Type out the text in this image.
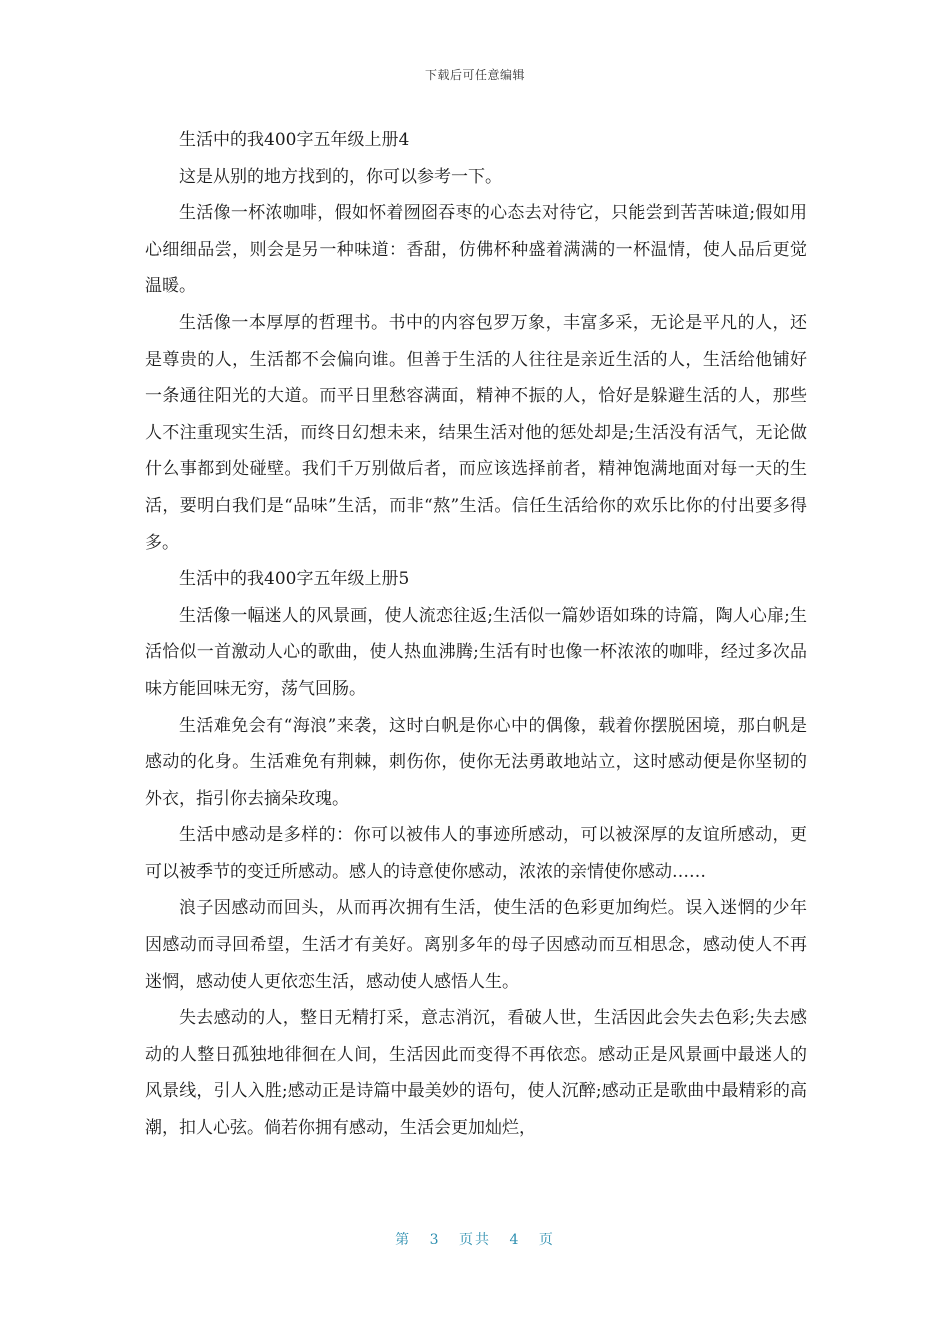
下载后可任意编辑

生活中的我400字五年级上册4

这是从别的地方找到的，你可以参考一下。

生活像一杯浓咖啡，假如怀着囫囵吞枣的心态去对待它，只能尝到苦苦味道;假如用心细细品尝，则会是另一种味道：香甜，仿佛杯种盛着满满的一杯温情，使人品后更觉温暖。

生活像一本厚厚的哲理书。书中的内容包罗万象，丰富多采，无论是平凡的人，还是尊贵的人，生活都不会偏向谁。但善于生活的人往往是亲近生活的人，生活给他铺好一条通往阳光的大道。而平日里愁容满面，精神不振的人，恰好是躲避生活的人，那些人不注重现实生活，而终日幻想未来，结果生活对他的惩处却是;生活没有活气，无论做什么事都到处碰壁。我们千万别做后者，而应该选择前者，精神饱满地面对每一天的生活，要明白我们是“品味”生活，而非“熬”生活。信任生活给你的欢乐比你的付出要多得多。

生活中的我400字五年级上册5

生活像一幅迷人的风景画，使人流恋往返;生活似一篇妙语如珠的诗篇，陶人心扉;生活恰似一首激动人心的歌曲，使人热血沸腾;生活有时也像一杯浓浓的咖啡，经过多次品味方能回味无穷，荡气回肠。

生活难免会有“海浪”来袭，这时白帆是你心中的偶像，载着你摆脱困境，那白帆是感动的化身。生活难免有荆棘，刺伤你，使你无法勇敢地站立，这时感动便是你坚韧的外衣，指引你去摘朵玫瑰。

生活中感动是多样的：你可以被伟人的事迹所感动，可以被深厚的友谊所感动，更可以被季节的变迁所感动。感人的诗意使你感动，浓浓的亲情使你感动……

浪子因感动而回头，从而再次拥有生活，使生活的色彩更加绚烂。误入迷惘的少年因感动而寻回希望，生活才有美好。离别多年的母子因感动而互相思念，感动使人不再迷惘，感动使人更依恋生活，感动使人感悟人生。

失去感动的人，整日无精打采，意志消沉，看破人世，生活因此会失去色彩;失去感动的人整日孤独地徘徊在人间，生活因此而变得不再依恋。感动正是风景画中最迷人的风景线，引人入胜;感动正是诗篇中最美妙的语句，使人沉醉;感动正是歌曲中最精彩的高潮，扣人心弦。倘若你拥有感动，生活会更加灿烂，

第 3 页共 4 页
